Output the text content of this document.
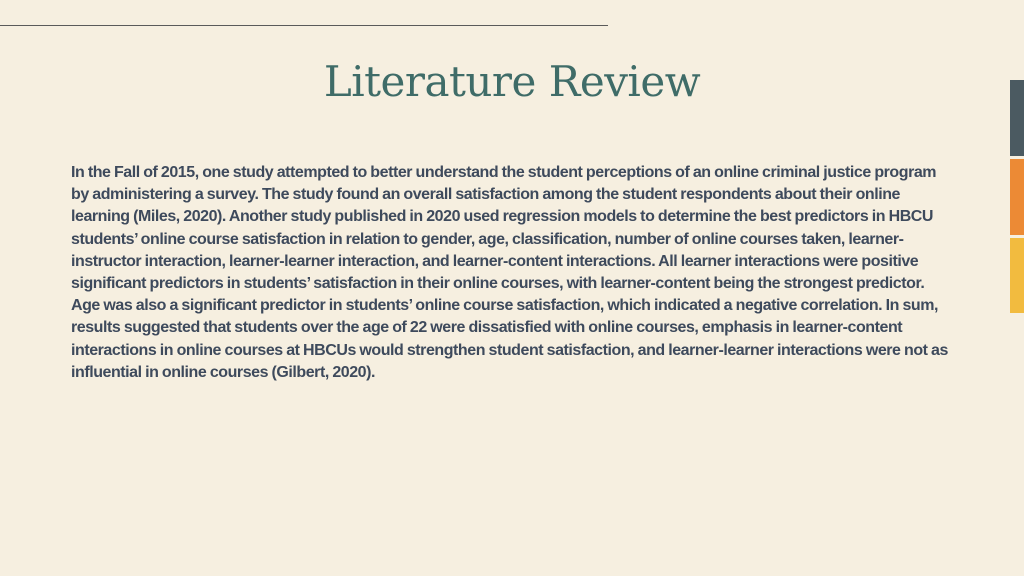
Literature Review

In the Fall of 2015, one study attempted to better understand the student perceptions of an online criminal justice program by administering a survey. The study found an overall satisfaction among the student respondents about their online learning (Miles, 2020). Another study published in 2020 used regression models to determine the best predictors in HBCU students’ online course satisfaction in relation to gender, age, classification, number of online courses taken, learner-instructor interaction, learner-learner interaction, and learner-content interactions. All learner interactions were positive significant predictors in students’ satisfaction in their online courses, with learner-content being the strongest predictor. Age was also a significant predictor in students’ online course satisfaction, which indicated a negative correlation. In sum, results suggested that students over the age of 22 were dissatisfied with online courses, emphasis in learner-content interactions in online courses at HBCUs would strengthen student satisfaction, and learner-learner interactions were not as influential in online courses (Gilbert, 2020).
